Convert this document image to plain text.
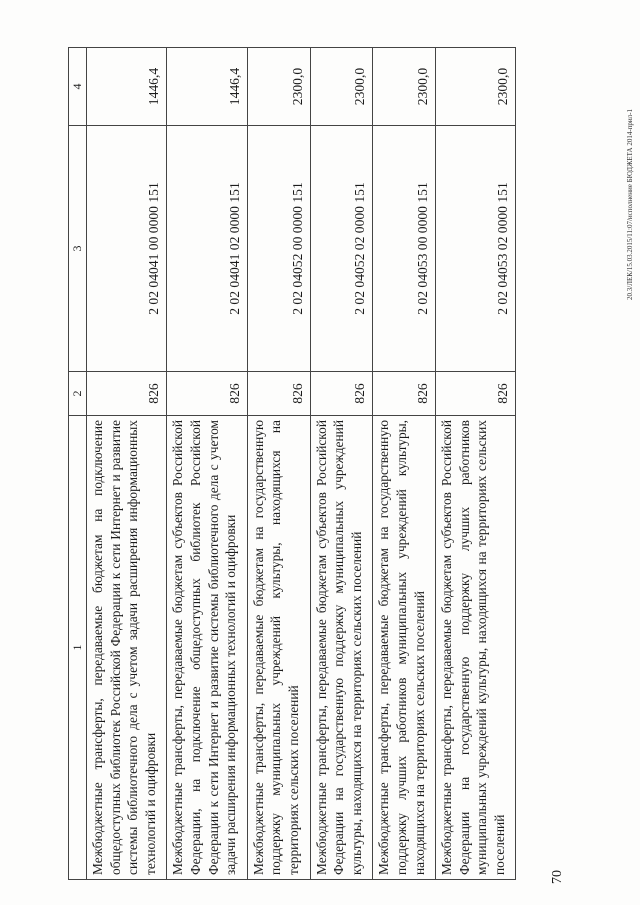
1	2	3	4
Межбюджетные трансферты, передаваемые бюджетам на подключение общедоступных библиотек Российской Федерации к сети Интернет и развитие системы библиотечного дела с учетом задачи расширения информационных технологий и оцифровки	826	2 02 04041 00 0000 151	1446,4
Межбюджетные трансферты, передаваемые бюджетам субъектов Российской Федерации, на подключение общедоступных библиотек Российской Федерации к сети Интернет и развитие системы библиотечного дела с учетом задачи расширения информационных технологий и оцифровки	826	2 02 04041 02 0000 151	1446,4
Межбюджетные трансферты, передаваемые бюджетам на государственную поддержку муниципальных учреждений культуры, находящихся на территориях сельских поселений	826	2 02 04052 00 0000 151	2300,0
Межбюджетные трансферты, передаваемые бюджетам субъектов Российской Федерации на государственную поддержку муниципальных учреждений культуры, находящихся на территориях сельских поселений	826	2 02 04052 02 0000 151	2300,0
Межбюджетные трансферты, передаваемые бюджетам на государственную поддержку лучших работников муниципальных учреждений культуры, находящихся на территориях сельских поселений	826	2 02 04053 00 0000 151	2300,0
Межбюджетные трансферты, передаваемые бюджетам субъектов Российской Федерации на государственную поддержку лучших работников муниципальных учреждений культуры, находящихся на территориях сельских поселений	826	2 02 04053 02 0000 151	2300,0
70
20.3/ЛЕК/15.03.2015/11:07/исполнение БЮДЖЕТА 2014-прил-1
